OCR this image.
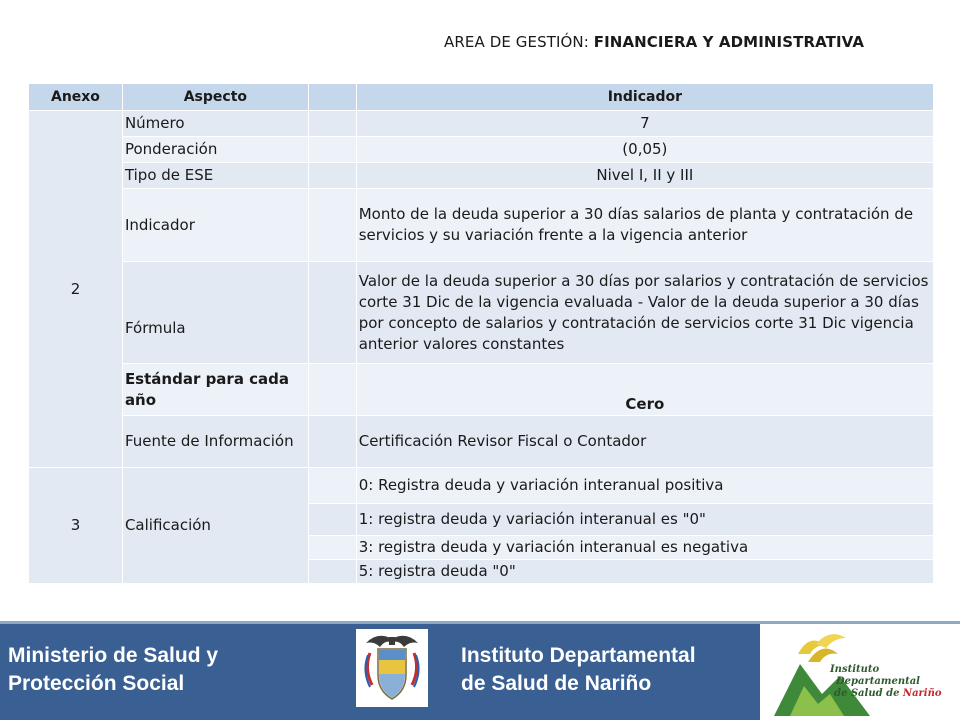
AREA DE GESTIÓN: FINANCIERA Y ADMINISTRATIVA
Anexo	Aspecto		Indicador
2	Número		7
	Ponderación		(0,05)
	Tipo de ESE		Nivel I, II y III
	Indicador		Monto de la deuda superior a 30 días salarios de planta y contratación de servicios y su variación frente a la vigencia anterior
	Fórmula		Valor de la deuda superior a 30 días por salarios y contratación de servicios corte 31 Dic de la vigencia evaluada - Valor de la deuda superior a 30 días por concepto de salarios y contratación de servicios corte 31 Dic vigencia anterior valores constantes
	Estándar para cada año		Cero
	Fuente de Información		Certificación Revisor Fiscal o Contador
3	Calificación		0: Registra deuda y variación interanual positiva
			1: registra deuda y variación interanual es "0"
			3: registra deuda y variación interanual es negativa
			5: registra deuda "0"
Ministerio de Salud y
Protección Social
Instituto Departamental
de Salud de Nariño
Instituto
Departamental
de Salud de Nariño
